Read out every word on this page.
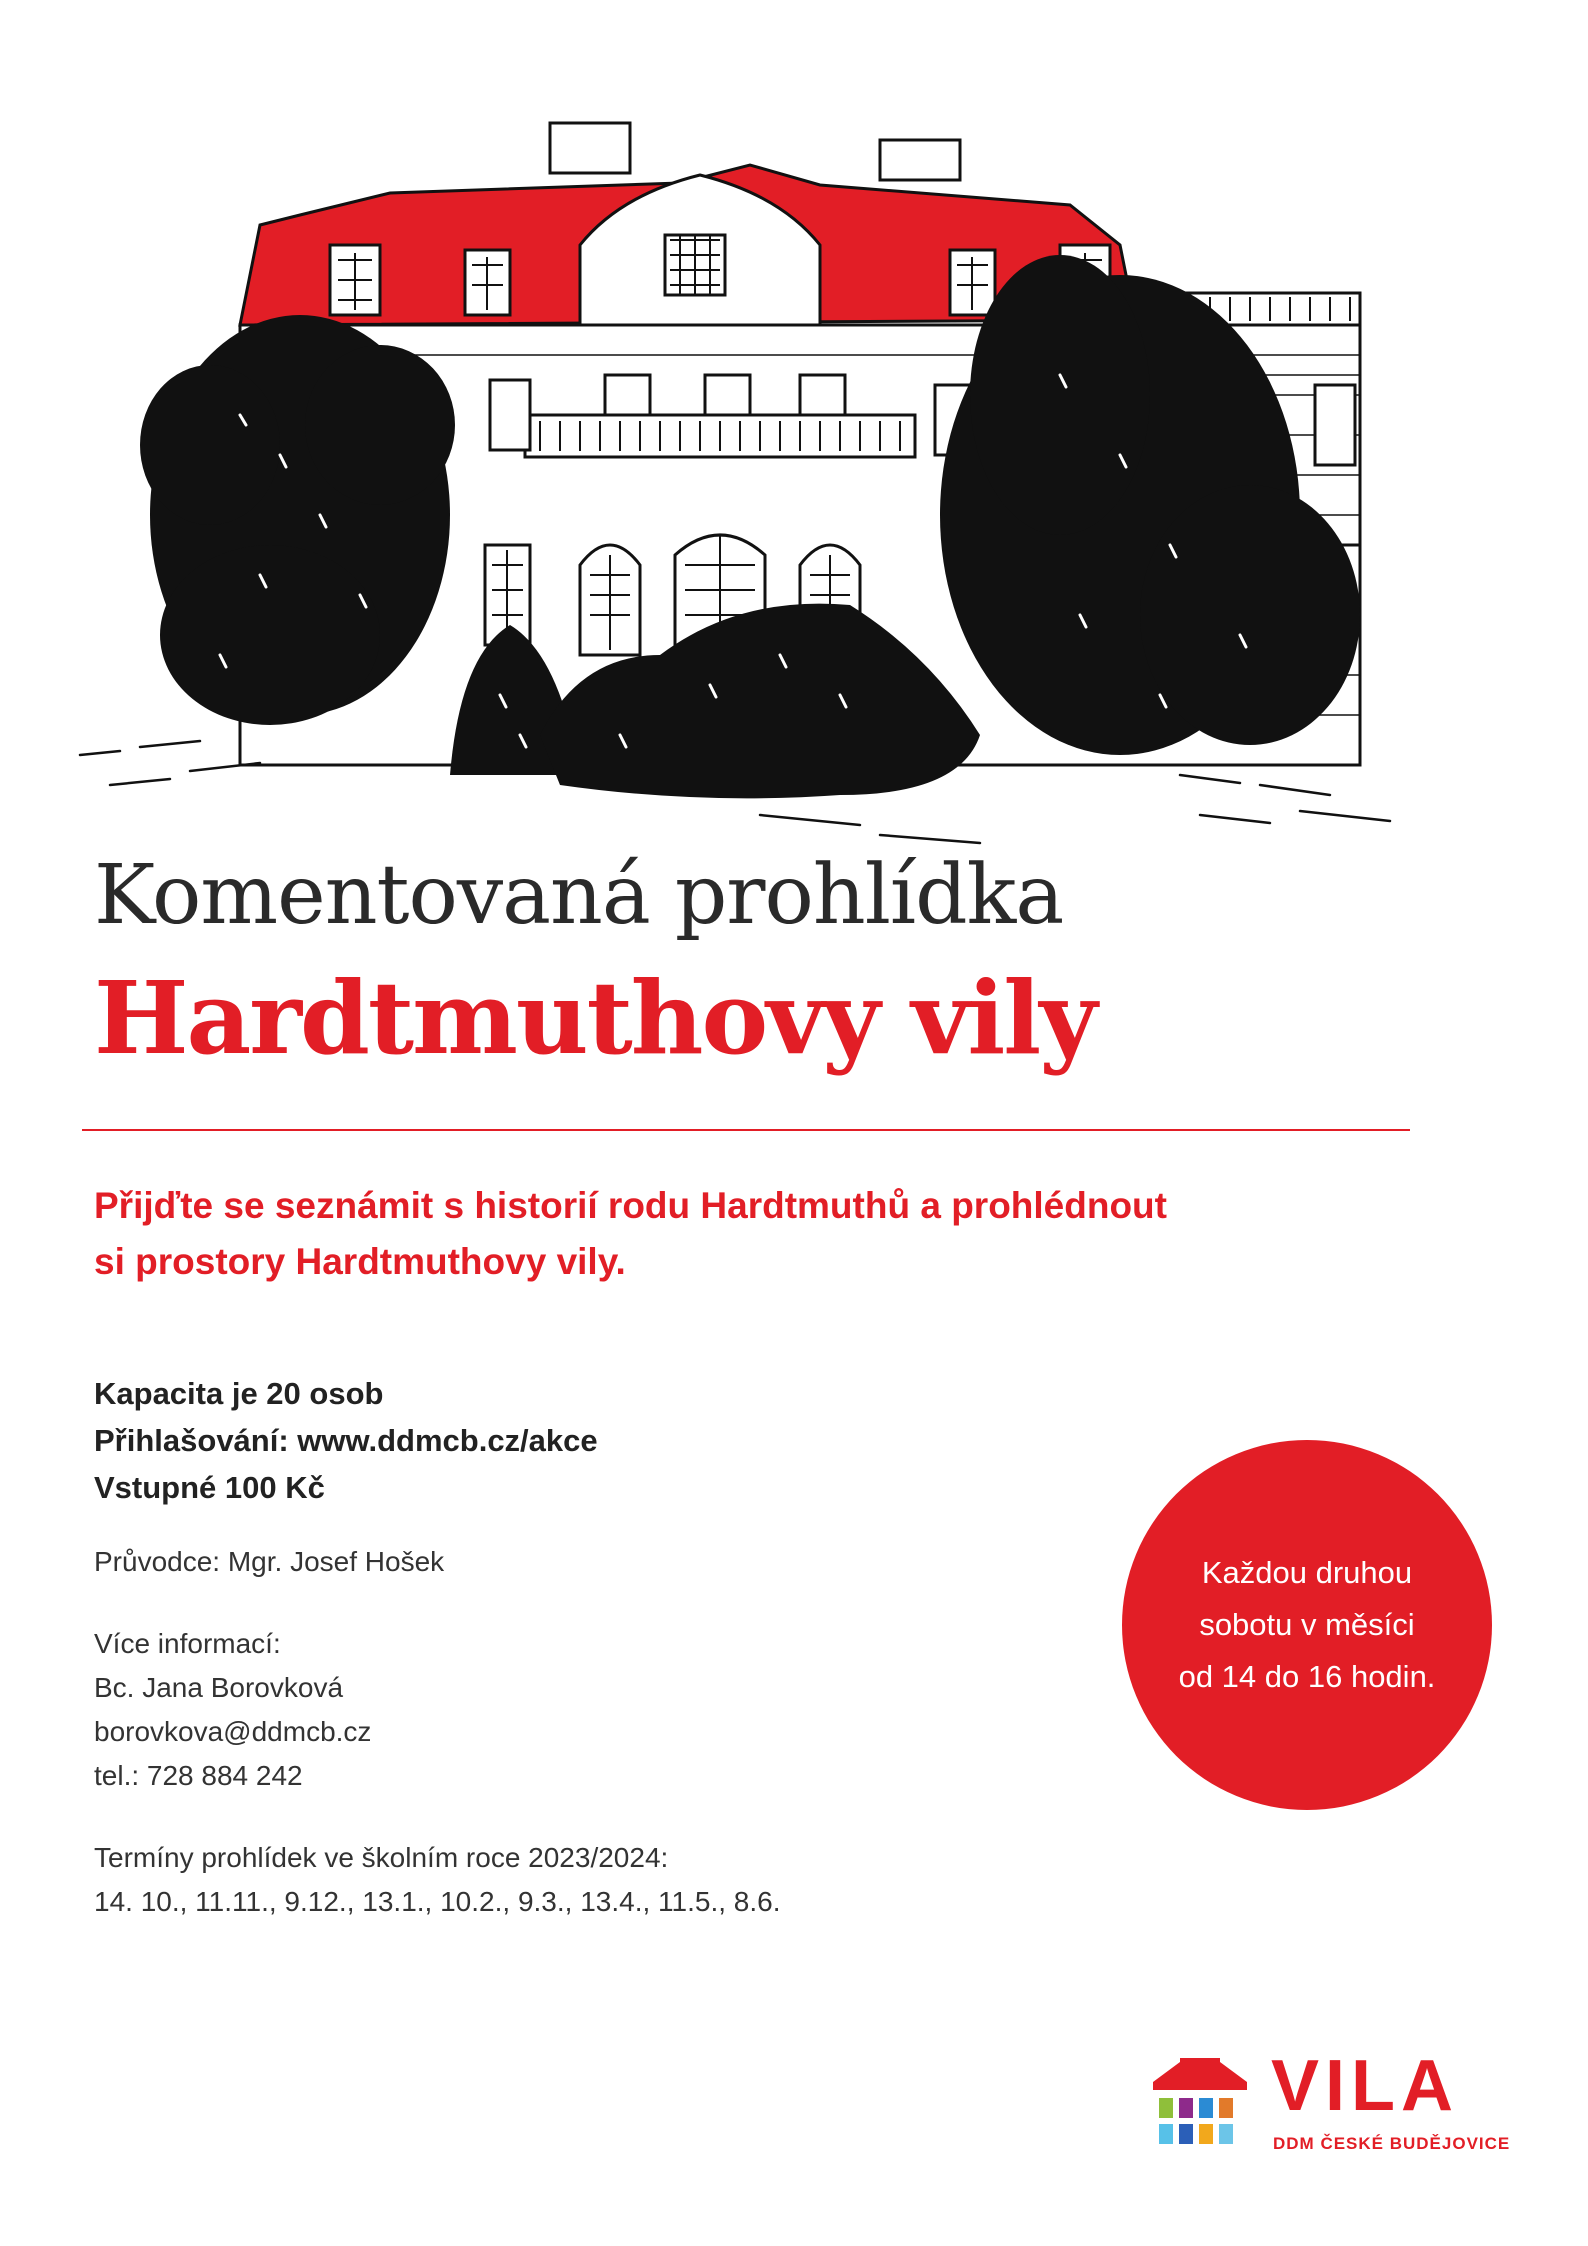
Komentovaná prohlídka
Hardtmuthovy vily
Přijďte se seznámit s historií rodu Hardtmuthů a prohlédnout
si prostory Hardtmuthovy vily.
Kapacita je 20 osob
Přihlašování: www.ddmcb.cz/akce
Vstupné 100 Kč
Průvodce: Mgr. Josef Hošek
Více informací:
Bc. Jana Borovková
borovkova@ddmcb.cz
tel.: 728 884 242
Termíny prohlídek ve školním roce 2023/2024:
14. 10., 11.11., 9.12., 13.1., 10.2., 9.3., 13.4., 11.5., 8.6.
Každou druhou
sobotu v měsíci
od 14 do 16 hodin.
VILA
DDM ČESKÉ BUDĚJOVICE
